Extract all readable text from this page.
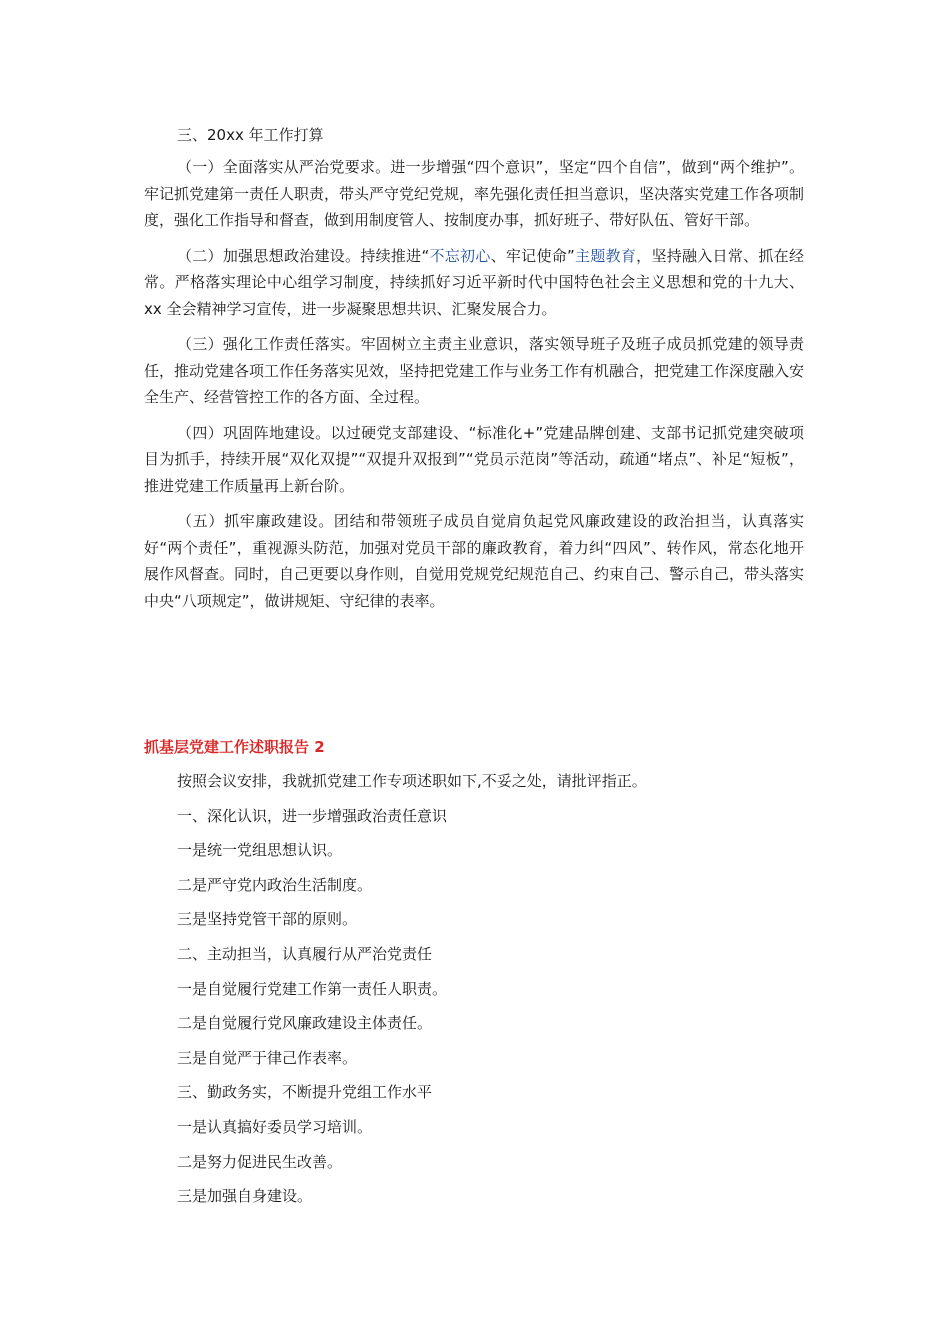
三、20xx 年工作打算

（一）全面落实从严治党要求。进一步增强“四个意识”，坚定“四个自信”，做到“两个维护”。牢记抓党建第一责任人职责，带头严守党纪党规，率先强化责任担当意识，坚决落实党建工作各项制度，强化工作指导和督查，做到用制度管人、按制度办事，抓好班子、带好队伍、管好干部。

（二）加强思想政治建设。持续推进“不忘初心、牢记使命”主题教育，坚持融入日常、抓在经常。严格落实理论中心组学习制度，持续抓好习近平新时代中国特色社会主义思想和党的十九大、xx 全会精神学习宣传，进一步凝聚思想共识、汇聚发展合力。

（三）强化工作责任落实。牢固树立主责主业意识，落实领导班子及班子成员抓党建的领导责任，推动党建各项工作任务落实见效，坚持把党建工作与业务工作有机融合，把党建工作深度融入安全生产、经营管控工作的各方面、全过程。

（四）巩固阵地建设。以过硬党支部建设、“标准化+”党建品牌创建、支部书记抓党建突破项目为抓手，持续开展“双化双提”“双提升双报到”“党员示范岗”等活动，疏通“堵点”、补足“短板”，推进党建工作质量再上新台阶。

（五）抓牢廉政建设。团结和带领班子成员自觉肩负起党风廉政建设的政治担当，认真落实好“两个责任”，重视源头防范，加强对党员干部的廉政教育，着力纠“四风”、转作风，常态化地开展作风督查。同时，自己更要以身作则，自觉用党规党纪规范自己、约束自己、警示自己，带头落实中央“八项规定”，做讲规矩、守纪律的表率。

抓基层党建工作述职报告 2
按照会议安排，我就抓党建工作专项述职如下,不妥之处，请批评指正。
一、深化认识，进一步增强政治责任意识
一是统一党组思想认识。
二是严守党内政治生活制度。
三是坚持党管干部的原则。
二、主动担当，认真履行从严治党责任
一是自觉履行党建工作第一责任人职责。
二是自觉履行党风廉政建设主体责任。
三是自觉严于律己作表率。
三、勤政务实，不断提升党组工作水平
一是认真搞好委员学习培训。
二是努力促进民生改善。
三是加强自身建设。
